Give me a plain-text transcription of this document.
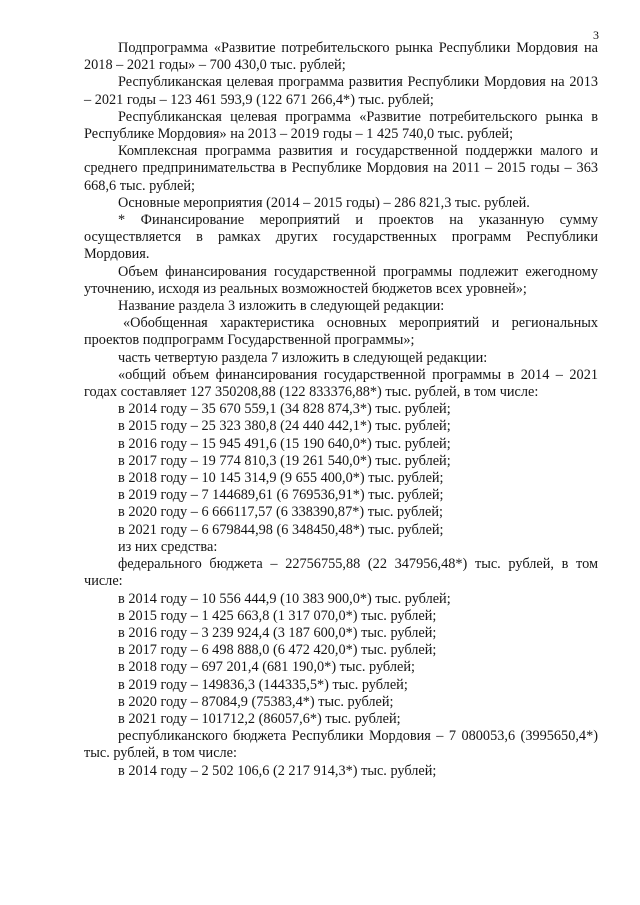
3

Подпрограмма «Развитие потребительского рынка Республики Мордовия на 2018 – 2021 годы» – 700 430,0 тыс. рублей;

Республиканская целевая программа развития Республики Мордовия на 2013 – 2021 годы – 123 461 593,9 (122 671 266,4*) тыс. рублей;

Республиканская целевая программа «Развитие потребительского рынка в Республике Мордовия» на 2013 – 2019 годы – 1 425 740,0 тыс. рублей;

Комплексная программа развития и государственной поддержки малого и среднего предпринимательства в Республике Мордовия на 2011 – 2015 годы – 363 668,6 тыс. рублей;

Основные мероприятия (2014 – 2015 годы) – 286 821,3 тыс. рублей.

* Финансирование мероприятий и проектов на указанную сумму осуществляется в рамках других государственных программ Республики Мордовия.

Объем финансирования государственной программы подлежит ежегодному уточнению, исходя из реальных возможностей бюджетов всех уровней»;

Название раздела 3 изложить в следующей редакции:

«Обобщенная характеристика основных мероприятий и региональных проектов подпрограмм Государственной программы»;

часть четвертую раздела 7 изложить в следующей редакции:

«общий объем финансирования государственной программы в 2014 – 2021 годах составляет 127 350208,88 (122 833376,88*) тыс. рублей, в том числе:

в 2014 году – 35 670 559,1 (34 828 874,3*) тыс. рублей;
в 2015 году – 25 323 380,8 (24 440 442,1*) тыс. рублей;
в 2016 году – 15 945 491,6 (15 190 640,0*) тыс. рублей;
в 2017 году – 19 774 810,3 (19 261 540,0*) тыс. рублей;
в 2018 году – 10 145 314,9 (9 655 400,0*) тыс. рублей;
в 2019 году – 7 144689,61 (6 769536,91*) тыс. рублей;
в 2020 году – 6 666117,57 (6 338390,87*) тыс. рублей;
в 2021 году – 6 679844,98 (6 348450,48*) тыс. рублей;
из них средства:

федерального бюджета – 22756755,88 (22 347956,48*) тыс. рублей, в том числе:

в 2014 году – 10 556 444,9 (10 383 900,0*) тыс. рублей;
в 2015 году – 1 425 663,8 (1 317 070,0*) тыс. рублей;
в 2016 году – 3 239 924,4 (3 187 600,0*) тыс. рублей;
в 2017 году – 6 498 888,0 (6 472 420,0*) тыс. рублей;
в 2018 году – 697 201,4 (681 190,0*) тыс. рублей;
в 2019 году – 149836,3 (144335,5*) тыс. рублей;
в 2020 году – 87084,9 (75383,4*) тыс. рублей;
в 2021 году – 101712,2 (86057,6*) тыс. рублей;

республиканского бюджета Республики Мордовия – 7 080053,6 (3995650,4*) тыс. рублей, в том числе:

в 2014 году – 2 502 106,6 (2 217 914,3*) тыс. рублей;
